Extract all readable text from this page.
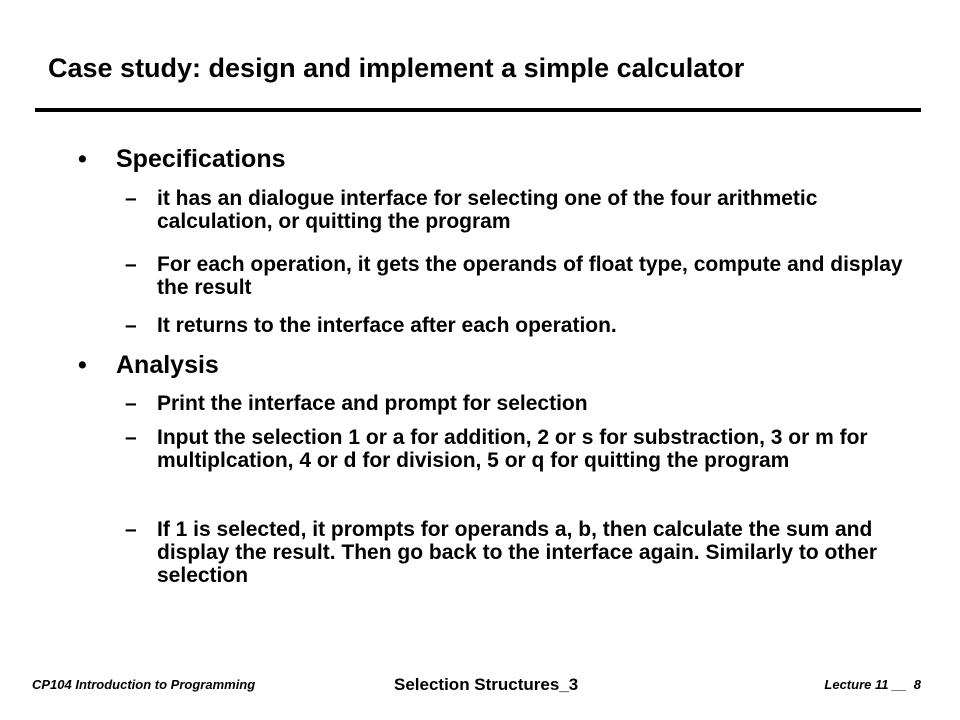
Case study: design and implement a simple calculator
• Specifications
– it has an dialogue interface for selecting one of the four arithmetic calculation, or quitting the program
– For each operation, it gets the operands of float type, compute and display the result
– It returns to the interface after each operation.
• Analysis
– Print the interface and prompt for selection
– Input the selection 1 or a for addition, 2 or s for substraction, 3 or m for multiplcation, 4 or d for division, 5 or q for quitting the program
– If 1 is selected, it prompts for operands a, b, then calculate the sum and display the result. Then go back to the interface again. Similarly to other selection
CP104 Introduction to Programming	Selection Structures_3	Lecture 11 __  8
